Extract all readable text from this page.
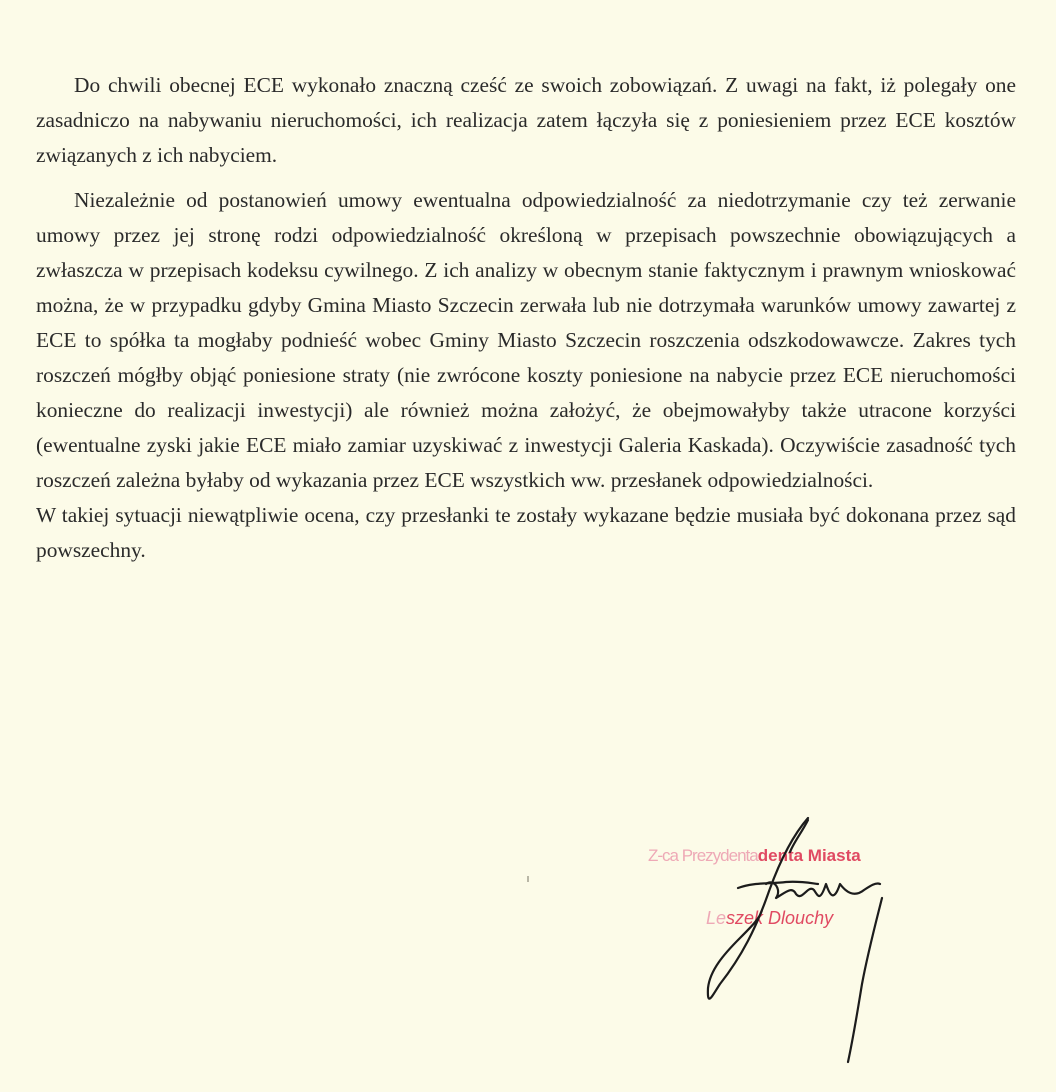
Do chwili obecnej ECE wykonało znaczną cześć ze swoich zobowiązań. Z uwagi na fakt, iż polegały one zasadniczo na nabywaniu nieruchomości, ich realizacja zatem łączyła się z poniesieniem przez ECE kosztów związanych z ich nabyciem.

Niezależnie od postanowień umowy ewentualna odpowiedzialność za niedotrzymanie czy też zerwanie umowy przez jej stronę rodzi odpowiedzialność określoną w przepisach powszechnie obowiązujących a zwłaszcza w przepisach kodeksu cywilnego. Z ich analizy w obecnym stanie faktycznym i prawnym wnioskować można, że w przypadku gdyby Gmina Miasto Szczecin zerwała lub nie dotrzymała warunków umowy zawartej z ECE to spółka ta mogłaby podnieść wobec Gminy Miasto Szczecin roszczenia odszkodowawcze. Zakres tych roszczeń mógłby objąć poniesione straty (nie zwrócone koszty poniesione na nabycie przez ECE nieruchomości konieczne do realizacji inwestycji) ale również można założyć, że obejmowałyby także utracone korzyści (ewentualne zyski jakie ECE miało zamiar uzyskiwać z inwestycji Galeria Kaskada). Oczywiście zasadność tych roszczeń zależna byłaby od wykazania przez ECE wszystkich ww. przesłanek odpowiedzialności.

W takiej sytuacji niewątpliwie ocena, czy przesłanki te zostały wykazane będzie musiała być dokonana przez sąd powszechny.

Z-ca Prezydentadenta Miasta
Leszek Dlouchy
